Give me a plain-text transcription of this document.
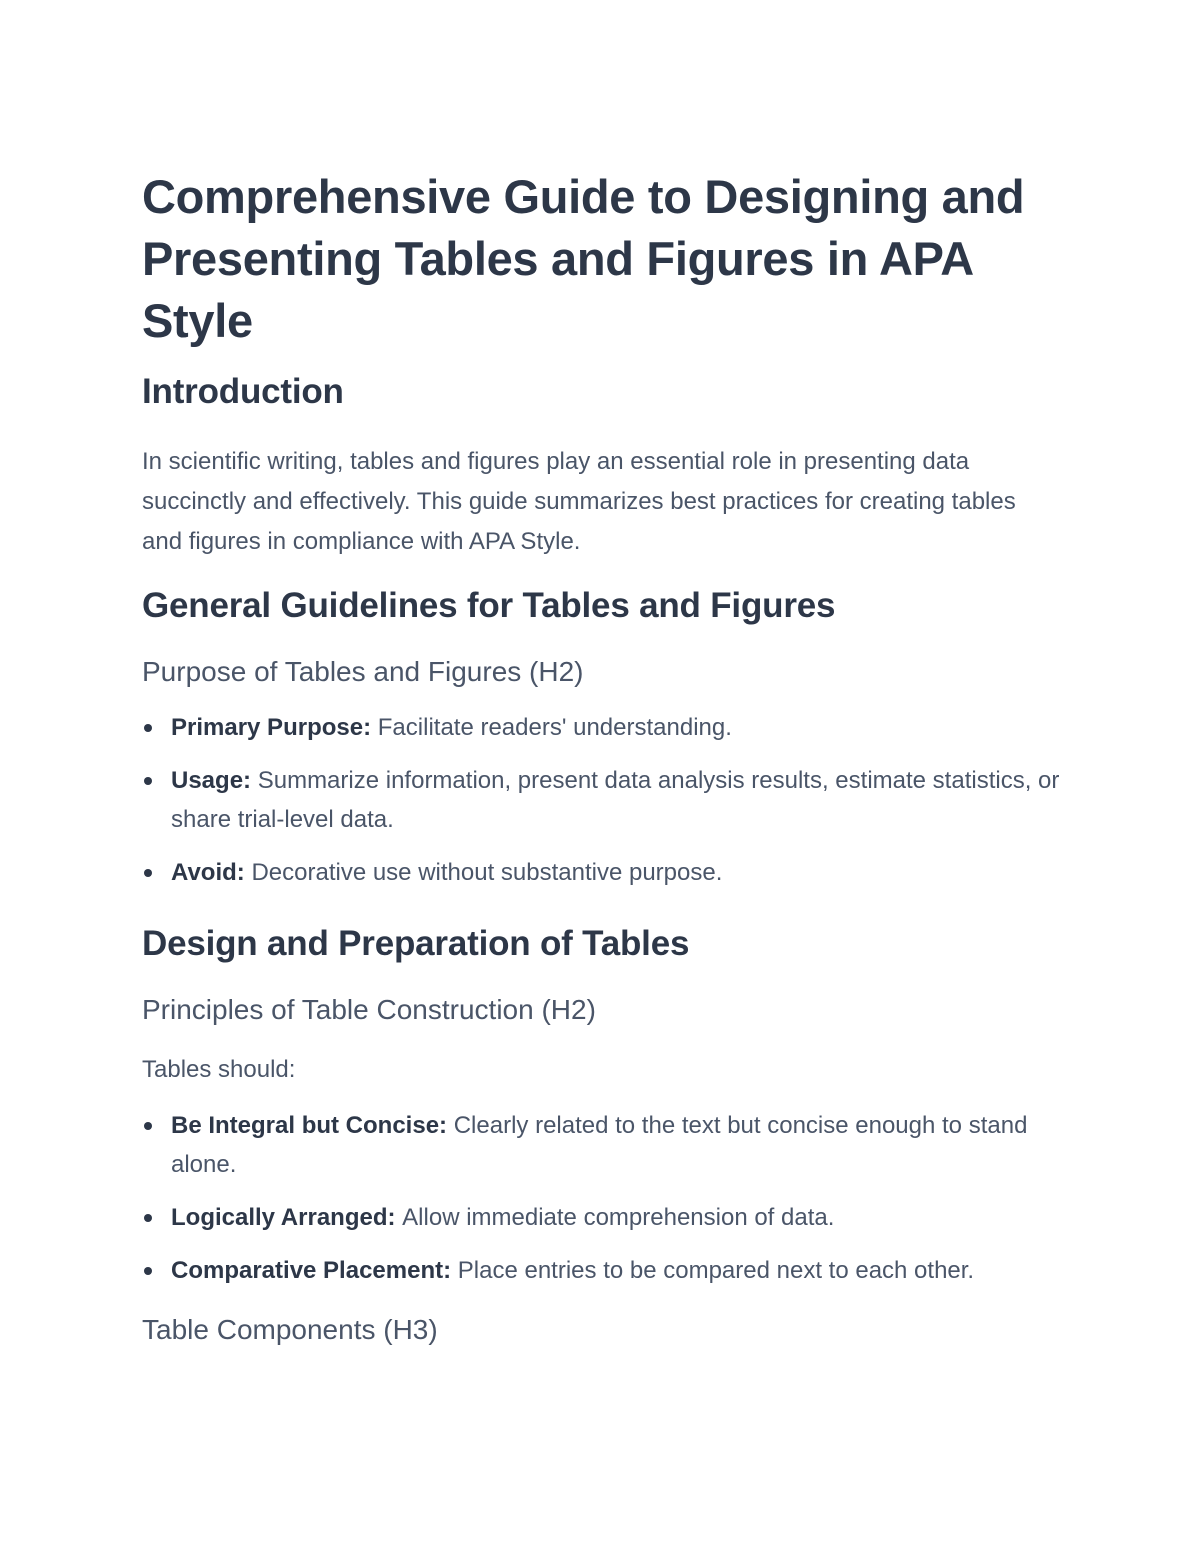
Comprehensive Guide to Designing and Presenting Tables and Figures in APA Style
Introduction

In scientific writing, tables and figures play an essential role in presenting data succinctly and effectively. This guide summarizes best practices for creating tables and figures in compliance with APA Style.

General Guidelines for Tables and Figures
Purpose of Tables and Figures (H2)
Primary Purpose: Facilitate readers' understanding.
Usage: Summarize information, present data analysis results, estimate statistics, or share trial-level data.
Avoid: Decorative use without substantive purpose.
Design and Preparation of Tables
Principles of Table Construction (H2)

Tables should:

Be Integral but Concise: Clearly related to the text but concise enough to stand alone.
Logically Arranged: Allow immediate comprehension of data.
Comparative Placement: Place entries to be compared next to each other.
Table Components (H3)
